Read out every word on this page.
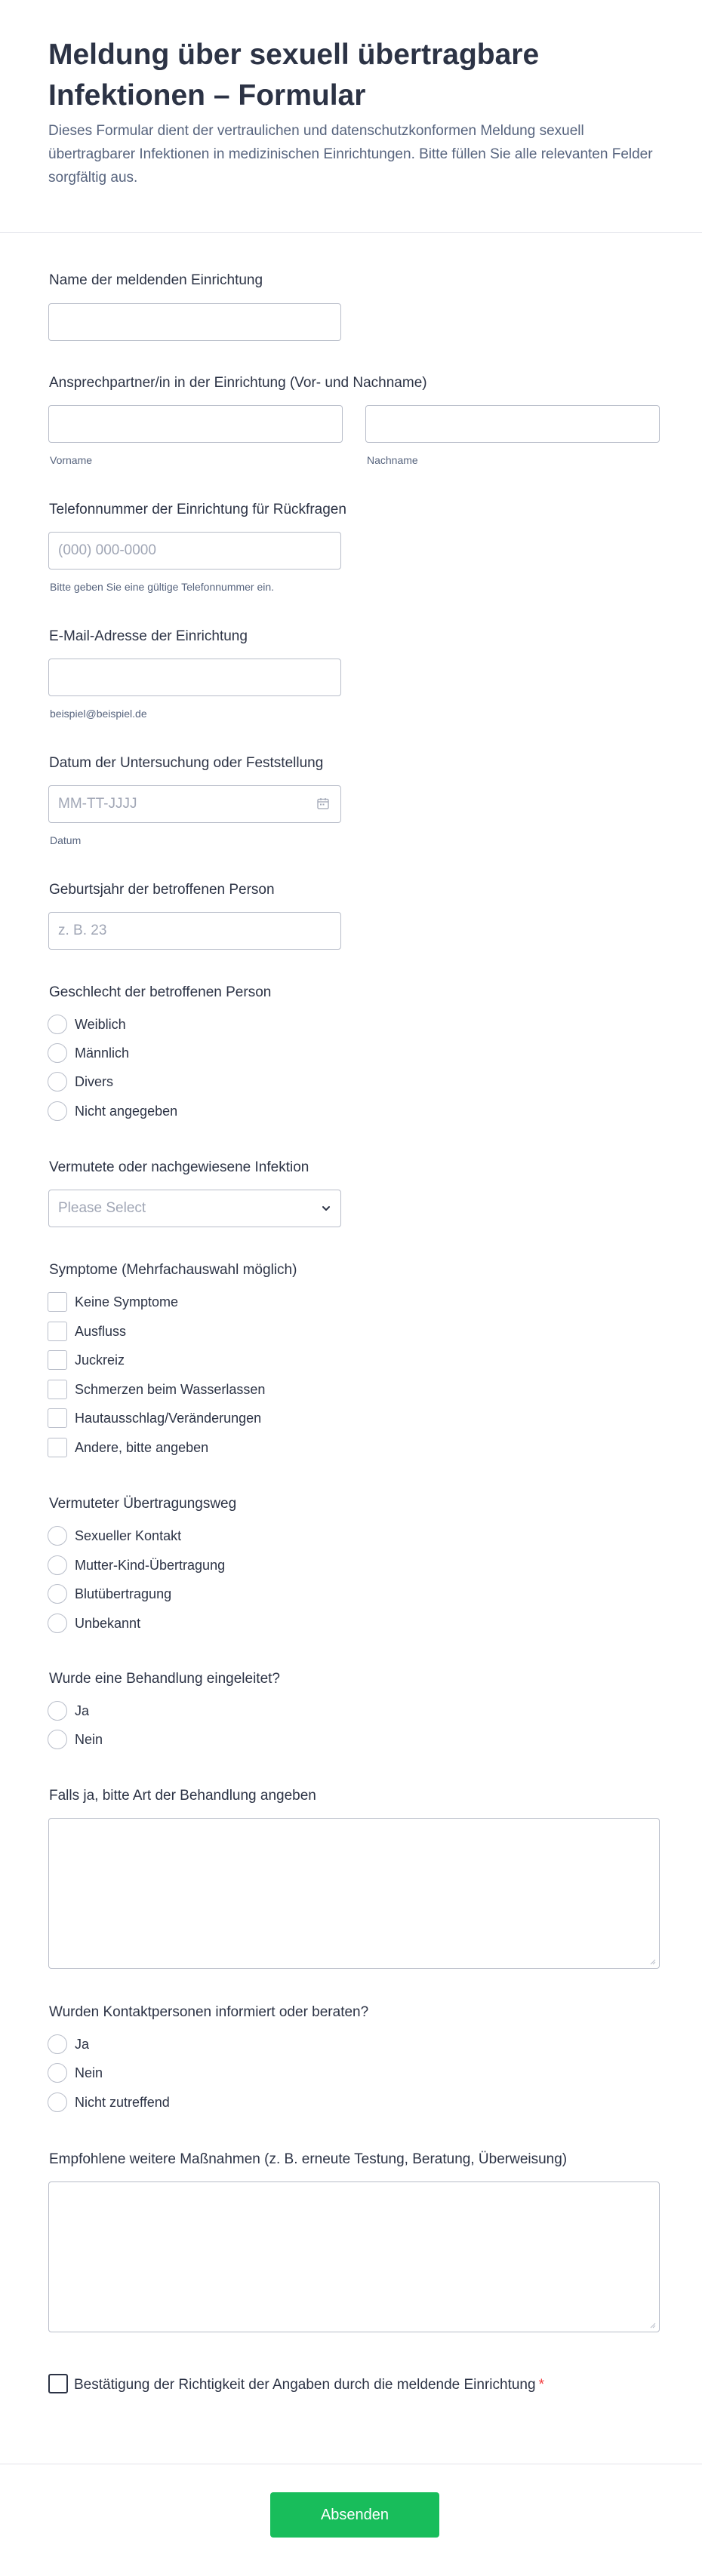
Meldung über sexuell übertragbare Infektionen – Formular

Dieses Formular dient der vertraulichen und datenschutzkonformen Meldung sexuell übertragbarer Infektionen in medizinischen Einrichtungen. Bitte füllen Sie alle relevanten Felder sorgfältig aus.

Name der meldenden Einrichtung
Ansprechpartner/in in der Einrichtung (Vor- und Nachname)
Vorname	Nachname
Telefonnummer der Einrichtung für Rückfragen
(000) 000-0000
Bitte geben Sie eine gültige Telefonnummer ein.
E-Mail-Adresse der Einrichtung
beispiel@beispiel.de
Datum der Untersuchung oder Feststellung
MM-TT-JJJJ
Datum
Geburtsjahr der betroffenen Person
z. B. 23
Geschlecht der betroffenen Person
Weiblich
Männlich
Divers
Nicht angegeben
Vermutete oder nachgewiesene Infektion
Please Select
Symptome (Mehrfachauswahl möglich)
Keine Symptome
Ausfluss
Juckreiz
Schmerzen beim Wasserlassen
Hautausschlag/Veränderungen
Andere, bitte angeben
Vermuteter Übertragungsweg
Sexueller Kontakt
Mutter-Kind-Übertragung
Blutübertragung
Unbekannt
Wurde eine Behandlung eingeleitet?
Ja
Nein
Falls ja, bitte Art der Behandlung angeben
Wurden Kontaktpersonen informiert oder beraten?
Ja
Nein
Nicht zutreffend
Empfohlene weitere Maßnahmen (z. B. erneute Testung, Beratung, Überweisung)
Bestätigung der Richtigkeit der Angaben durch die meldende Einrichtung *
Absenden
